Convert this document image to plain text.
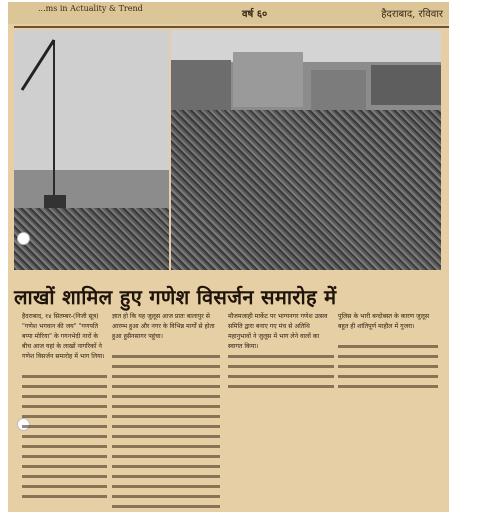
...ms in Actuality & Trend
वर्ष ६०	हैदराबाद, रविवार
लाखों शामिल हुए गणेश विसर्जन समारोह में

हैदराबाद, १४ सितम्बर-(निजी सूत्र) "गणेश भगवान की जय" "गणपति बप्पा मोरिया" के गगनभेदी नारों के बीच आज यहां के लाखों नागरिकों ने गणेश विसर्जन समारोह में भाग लिया।

ज्ञात हो कि यह जुलूस आज प्रातः बालापुर से आरम्भ हुआ और नगर के विभिन्न मार्गों से होता हुआ हुसैनसागर पहुंचा।

मौजमजाही मार्केट पर भाग्यनगर गणेश उत्सव समिति द्वारा बनाए गए मंच से अतिथि महानुभावों ने जुलूस में भाग लेने वालों का स्वागत किया।

पुलिस के भारी बन्दोबस्त के कारण जुलूस बहुत ही शांतिपूर्ण माहौल में गुजरा।
